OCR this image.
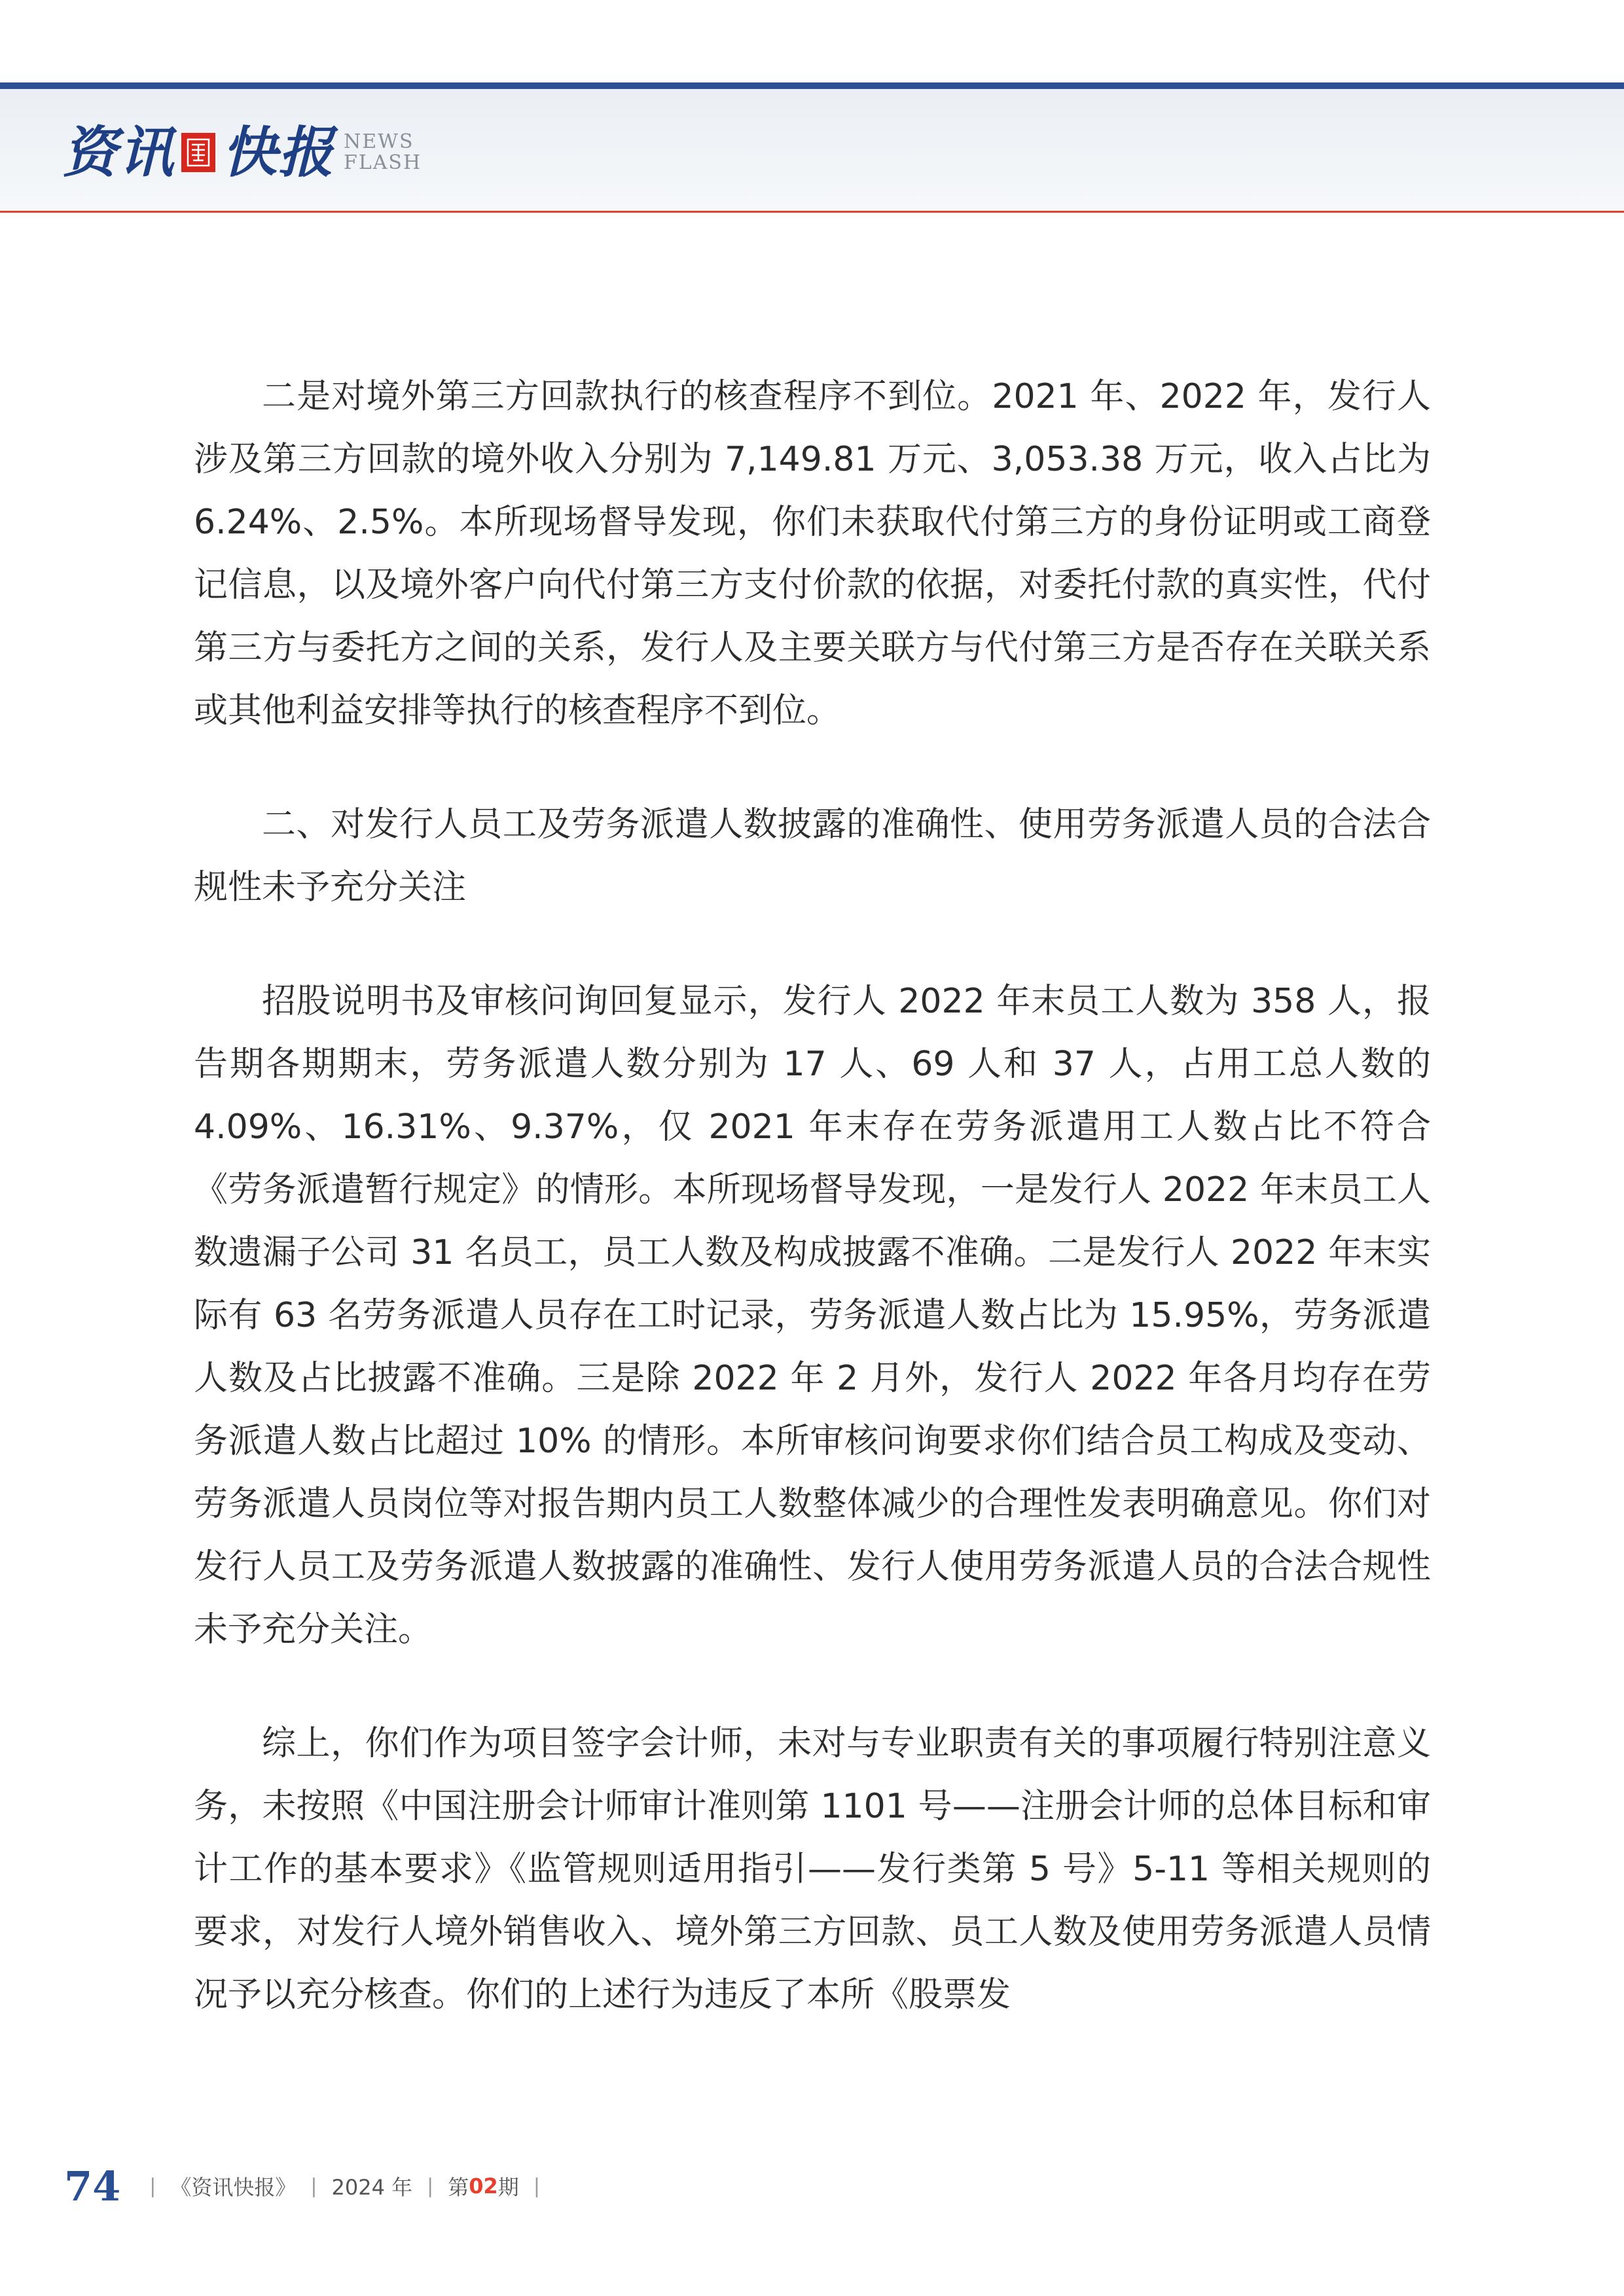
资讯 快报 NEWS
FLASH

二是对境外第三方回款执行的核查程序不到位。2021 年、2022 年，发行人涉及第三方回款的境外收入分别为 7,149.81 万元、3,053.38 万元，收入占比为 6.24%、2.5%。本所现场督导发现，你们未获取代付第三方的身份证明或工商登记信息，以及境外客户向代付第三方支付价款的依据，对委托付款的真实性，代付第三方与委托方之间的关系，发行人及主要关联方与代付第三方是否存在关联关系或其他利益安排等执行的核查程序不到位。

二、对发行人员工及劳务派遣人数披露的准确性、使用劳务派遣人员的合法合规性未予充分关注

招股说明书及审核问询回复显示，发行人 2022 年末员工人数为 358 人，报告期各期期末，劳务派遣人数分别为 17 人、69 人和 37 人，占用工总人数的 4.09%、16.31%、9.37%，仅 2021 年末存在劳务派遣用工人数占比不符合《劳务派遣暂行规定》的情形。本所现场督导发现，一是发行人 2022 年末员工人数遗漏子公司 31 名员工，员工人数及构成披露不准确。二是发行人 2022 年末实际有 63 名劳务派遣人员存在工时记录，劳务派遣人数占比为 15.95%，劳务派遣人数及占比披露不准确。三是除 2022 年 2 月外，发行人 2022 年各月均存在劳务派遣人数占比超过 10% 的情形。本所审核问询要求你们结合员工构成及变动、劳务派遣人员岗位等对报告期内员工人数整体减少的合理性发表明确意见。你们对发行人员工及劳务派遣人数披露的准确性、发行人使用劳务派遣人员的合法合规性未予充分关注。

综上，你们作为项目签字会计师，未对与专业职责有关的事项履行特别注意义务，未按照《中国注册会计师审计准则第 1101 号——注册会计师的总体目标和审计工作的基本要求》《监管规则适用指引——发行类第 5 号》5-11 等相关规则的要求，对发行人境外销售收入、境外第三方回款、员工人数及使用劳务派遣人员情况予以充分核查。你们的上述行为违反了本所《股票发

74 | 《资讯快报》 | 2024 年 | 第 02 期 |
